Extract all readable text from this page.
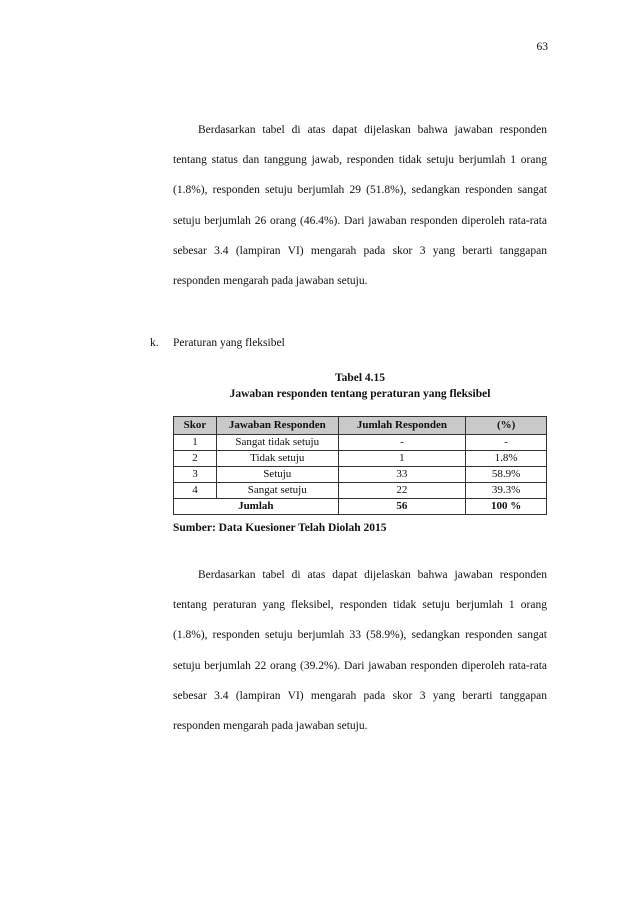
63

Berdasarkan tabel di atas dapat dijelaskan bahwa jawaban responden tentang status dan tanggung jawab, responden tidak setuju berjumlah 1 orang (1.8%), responden setuju berjumlah 29 (51.8%), sedangkan responden sangat setuju berjumlah 26 orang (46.4%). Dari jawaban responden diperoleh rata-rata sebesar 3.4 (lampiran VI) mengarah pada skor 3 yang berarti tanggapan responden mengarah pada jawaban setuju.

k. Peraturan yang fleksibel
Tabel 4.15
Jawaban responden tentang peraturan yang fleksibel
Skor	Jawaban Responden	Jumlah Responden	(%)
1	Sangat tidak setuju	-	-
2	Tidak setuju	1	1.8%
3	Setuju	33	58.9%
4	Sangat setuju	22	39.3%
Jumlah		56	100 %
Sumber: Data Kuesioner Telah Diolah 2015

Berdasarkan tabel di atas dapat dijelaskan bahwa jawaban responden tentang peraturan yang fleksibel, responden tidak setuju berjumlah 1 orang (1.8%), responden setuju berjumlah 33 (58.9%), sedangkan responden sangat setuju berjumlah 22 orang (39.2%). Dari jawaban responden diperoleh rata-rata sebesar 3.4 (lampiran VI) mengarah pada skor 3 yang berarti tanggapan responden mengarah pada jawaban setuju.
